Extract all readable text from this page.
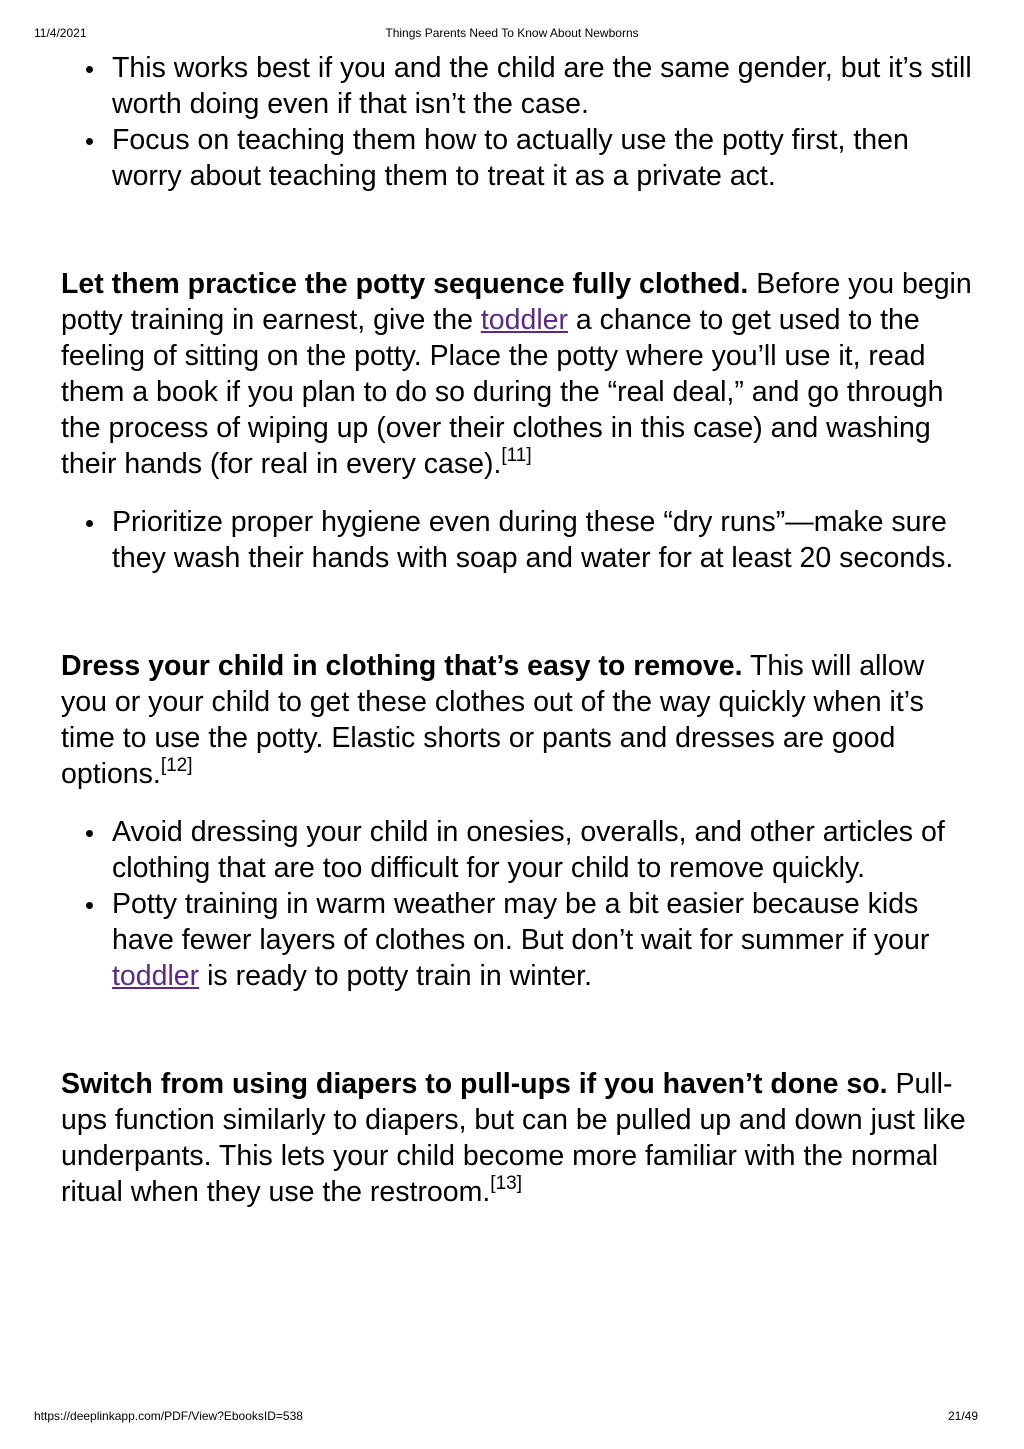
11/4/2021	Things Parents Need To Know About Newborns
This works best if you and the child are the same gender, but it’s still worth doing even if that isn’t the case.
Focus on teaching them how to actually use the potty first, then worry about teaching them to treat it as a private act.

Let them practice the potty sequence fully clothed. Before you begin potty training in earnest, give the toddler a chance to get used to the feeling of sitting on the potty. Place the potty where you’ll use it, read them a book if you plan to do so during the “real deal,” and go through the process of wiping up (over their clothes in this case) and washing their hands (for real in every case).[11]

Prioritize proper hygiene even during these “dry runs”—make sure they wash their hands with soap and water for at least 20 seconds.

Dress your child in clothing that’s easy to remove. This will allow you or your child to get these clothes out of the way quickly when it’s time to use the potty. Elastic shorts or pants and dresses are good options.[12]

Avoid dressing your child in onesies, overalls, and other articles of clothing that are too difficult for your child to remove quickly.
Potty training in warm weather may be a bit easier because kids have fewer layers of clothes on. But don’t wait for summer if your toddler is ready to potty train in winter.

Switch from using diapers to pull-ups if you haven’t done so. Pull-ups function similarly to diapers, but can be pulled up and down just like underpants. This lets your child become more familiar with the normal ritual when they use the restroom.[13]

https://deeplinkapp.com/PDF/View?EbooksID=538	21/49
